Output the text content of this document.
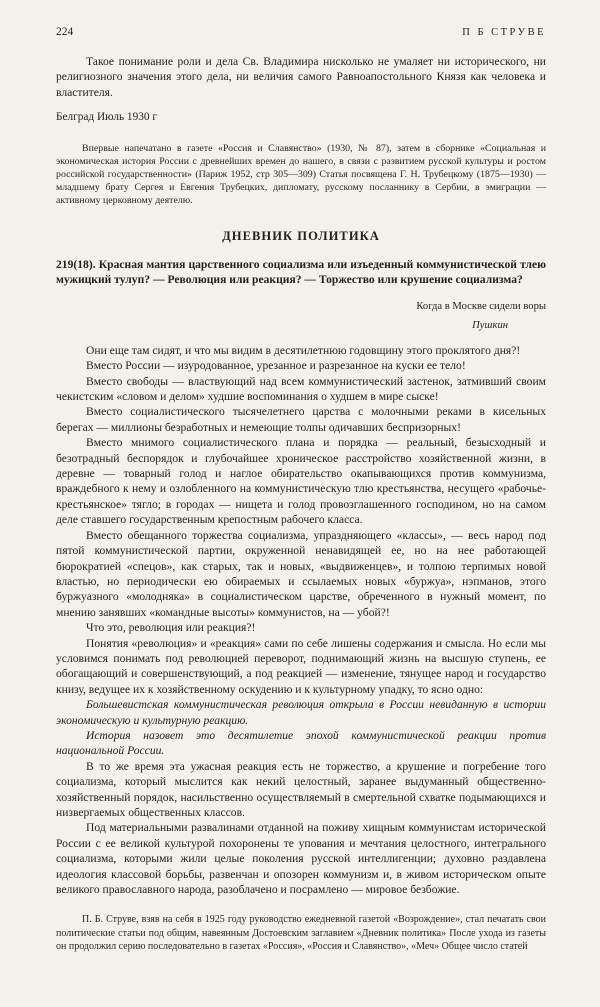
224	П Б СТРУВЕ

Такое понимание роли и дела Св. Владимира нисколько не умаляет ни исторического, ни религиозного значения этого дела, ни величия самого Равноапостольного Князя как человека и властителя.

Белград Июль 1930 г

Впервые напечатано в газете «Россия и Славянство» (1930, № 87), затем в сборнике «Социальная и экономическая история России с древнейших времен до нашего, в связи с развитием русской культуры и ростом российской государственности» (Париж 1952, стр 305—309) Статья посвящена Г. Н. Трубецкому (1875—1930) — младшему брату Сергея и Евгения Трубецких, дипломату, русскому посланнику в Сербии, в эмиграции — активному церковному деятелю.

ДНЕВНИК ПОЛИТИКА

219(18). Красная мантия царственного социализма или изъеденный коммунистической тлею мужицкий тулуп? — Революция или реакция? — Торжество или крушение социализма?

Когда в Москве сидели воры
Пушкин

Они еще там сидят, и что мы видим в десятилетнюю годовщину этого проклятого дня?!

Вместо России — изуродованное, урезанное и разрезанное на куски ее тело!

Вместо свободы — властвующий над всем коммунистический застенок, затмивший своим чекистским «словом и делом» худшие воспоминания о худшем в мире сыске!

Вместо социалистического тысячелетнего царства с молочными реками в кисельных берегах — миллионы безработных и немеющие толпы одичавших беспризорных!

Вместо мнимого социалистического плана и порядка — реальный, безысходный и безотрадный беспорядок и глубочайшее хроническое расстройство хозяйственной жизни, в деревне — товарный голод и наглое обирательство окапывающихся против коммунизма, враждебного к нему и озлобленного на коммунистическую тлю крестьянства, несущего «рабочье-крестьянское» тягло; в городах — нищета и голод провозглашенного господином, но на самом деле ставшего государственным крепостным рабочего класса.

Вместо обещанного торжества социализма, упраздняющего «классы», — весь народ под пятой коммунистической партии, окруженной ненавидящей ее, но на нее работающей бюрократией «спецов», как старых, так и новых, «выдвиженцев», и толпою терпимых новой властью, но периодически ею обираемых и ссылаемых новых «буржуа», нэпманов, этого буржуазного «молодняка» в социалистическом царстве, обреченного в нужный момент, по мнению занявших «командные высоты» коммунистов, на — убой?!

Что это, революция или реакция?!

Понятия «революция» и «реакция» сами по себе лишены содержания и смысла. Но если мы условимся понимать под революцией переворот, поднимающий жизнь на высшую ступень, ее обогащающий и совершенствующий, а под реакцией — изменение, тянущее народ и государство книзу, ведущее их к хозяйственному оскудению и к культурному упадку, то ясно одно:

Большевистская коммунистическая революция открыла в России невиданную в истории экономическую и культурную реакцию.

История назовет это десятилетие эпохой коммунистической реакции против национальной России.

В то же время эта ужасная реакция есть не торжество, а крушение и погребение того социализма, который мыслится как некий целостный, заранее выдуманный общественно-хозяйственный порядок, насильственно осуществляемый в смертельной схватке подымающихся и низвергаемых общественных классов.

Под материальными развалинами отданной на поживу хищным коммунистам исторической России с ее великой культурой похоронены те упования и мечтания целостного, интегрального социализма, которыми жили целые поколения русской интеллигенции; духовно раздавлена идеология классовой борьбы, развенчан и опозорен коммунизм и, в живом историческом опыте великого православного народа, разоблачено и посрамлено — мировое безбожие.

П. Б. Струве, взяв на себя в 1925 году руководство ежедневной газетой «Возрождение», стал печатать свои политические статьи под общим, навеянным Достоевским заглавием «Дневник политика» После ухода из газеты он продолжил серию последовательно в газетах «Россия», «Россия и Славянство», «Меч» Общее число статей
